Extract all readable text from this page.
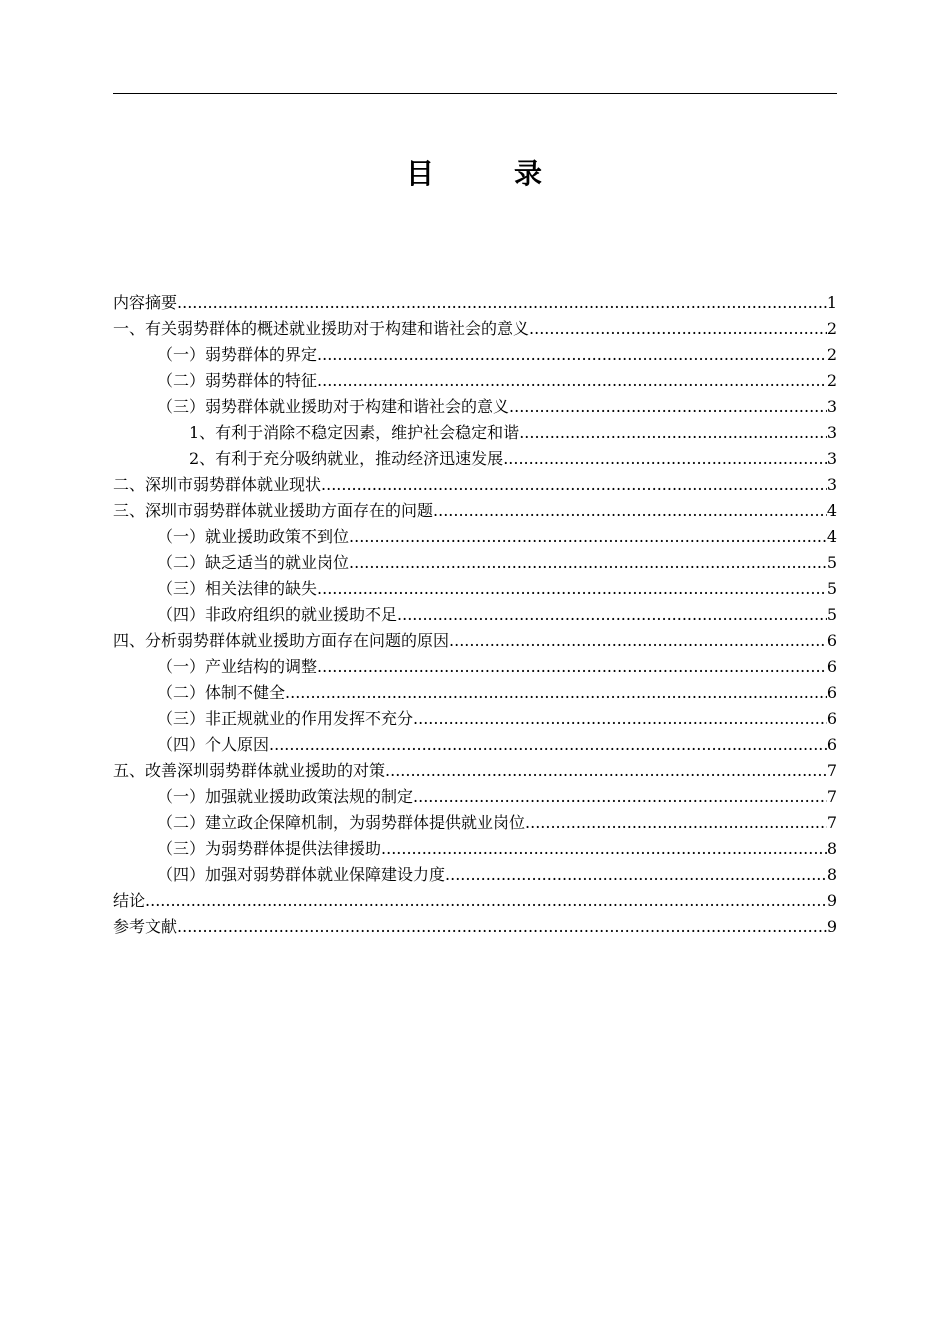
目	录
内容摘要 .....	1
一、有关弱势群体的概述就业援助对于构建和谐社会的意义 .....	2
（一）弱势群体的界定 .....	2
（二）弱势群体的特征 .....	2
（三）弱势群体就业援助对于构建和谐社会的意义 .....	3
1、有利于消除不稳定因素，维护社会稳定和谐 .....	3
2、有利于充分吸纳就业，推动经济迅速发展 .....	3
二、深圳市弱势群体就业现状 .....	3
三、深圳市弱势群体就业援助方面存在的问题 .....	4
（一）就业援助政策不到位 .....	4
（二）缺乏适当的就业岗位 .....	5
（三）相关法律的缺失 .....	5
（四）非政府组织的就业援助不足 .....	5
四、分析弱势群体就业援助方面存在问题的原因 .....	6
（一）产业结构的调整 .....	6
（二）体制不健全 .....	6
（三）非正规就业的作用发挥不充分 .....	6
（四）个人原因 .....	6
五、改善深圳弱势群体就业援助的对策 .....	7
（一）加强就业援助政策法规的制定 .....	7
（二）建立政企保障机制，为弱势群体提供就业岗位 .....	7
（三）为弱势群体提供法律援助 .....	8
（四）加强对弱势群体就业保障建设力度 .....	8
结论 .....	9
参考文献 .....	9
